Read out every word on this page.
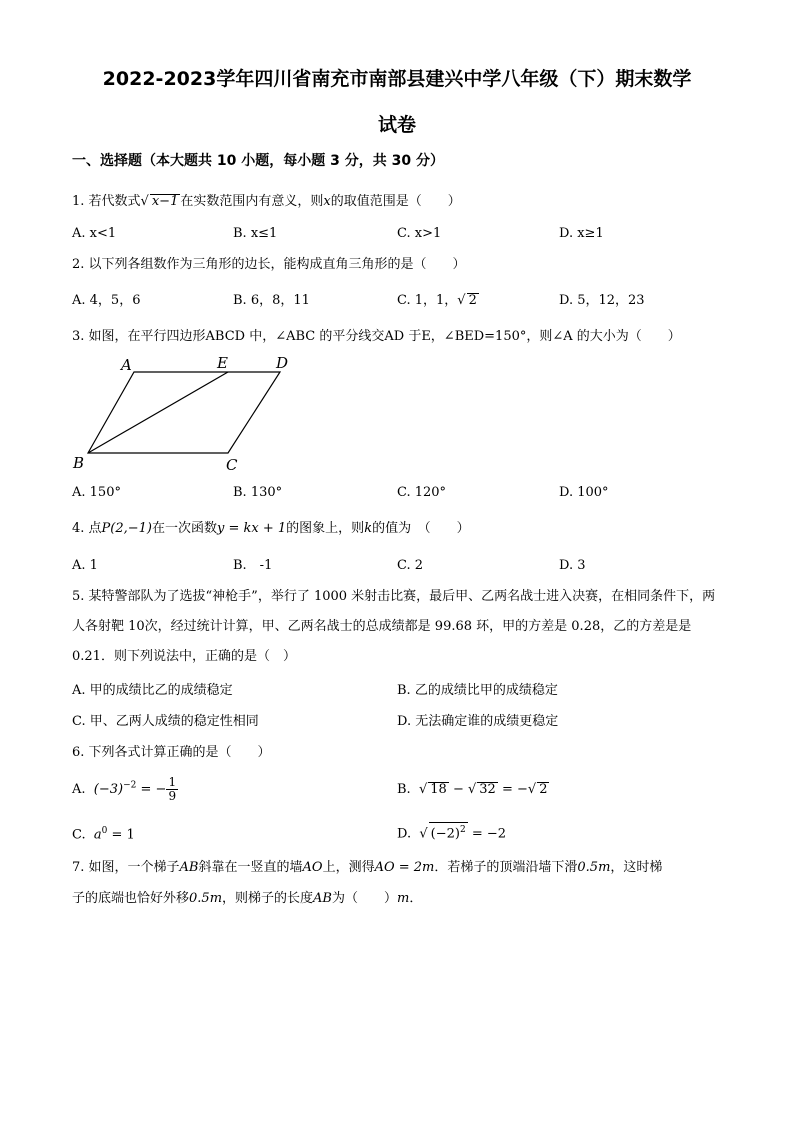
2022-2023学年四川省南充市南部县建兴中学八年级（下）期末数学
试卷
一、选择题（本大题共 10 小题，每小题 3 分，共 30 分）
1. 若代数式√ x−1 在实数范围内有意义，则x的取值范围是（　　）
A. x<1	B. x≤1	C. x>1	D. x≥1
2. 以下列各组数作为三角形的边长，能构成直角三角形的是（　　）
A. 4，5，6	B. 6，8，11	C. 1，1，√ 2	D. 5，12，23
3. 如图，在平行四边形ABCD 中，∠ABC 的平分线交AD 于E，∠BED=150°，则∠A 的大小为（　　）
A	E	D
B	C
A. 150°	B. 130°	C. 120°	D. 100°
4. 点P(2,−1)在一次函数y = kx + 1的图象上，则k的值为　（　　）
A. 1	B.　-1	C. 2	D. 3
5. 某特警部队为了选拔“神枪手”，举行了 1000 米射击比赛，最后甲、乙两名战士进入决赛，在相同条件下，两人各射靶 10次，经过统计计算，甲、乙两名战士的总成绩都是 99.68 环，甲的方差是 0.28，乙的方差是是 0.21．则下列说法中，正确的是（　）
A. 甲的成绩比乙的成绩稳定	B. 乙的成绩比甲的成绩稳定
C. 甲、乙两人成绩的稳定性相同	D. 无法确定谁的成绩更稳定
6. 下列各式计算正确的是（　　）
A. $(-3)^{-2}$ = − $\frac{1}{9}$	B. √ 18 − √ 32 = −√ 2
C. $a^0 = 1$	D. √ $(-2)^2 = -2$
7. 如图，一个梯子AB斜靠在一竖直的墙AO上，测得AO = 2m．若梯子的顶端沿墙下滑0.5m，这时梯
子的底端也恰好外移0.5m，则梯子的长度AB为（　　）m．
